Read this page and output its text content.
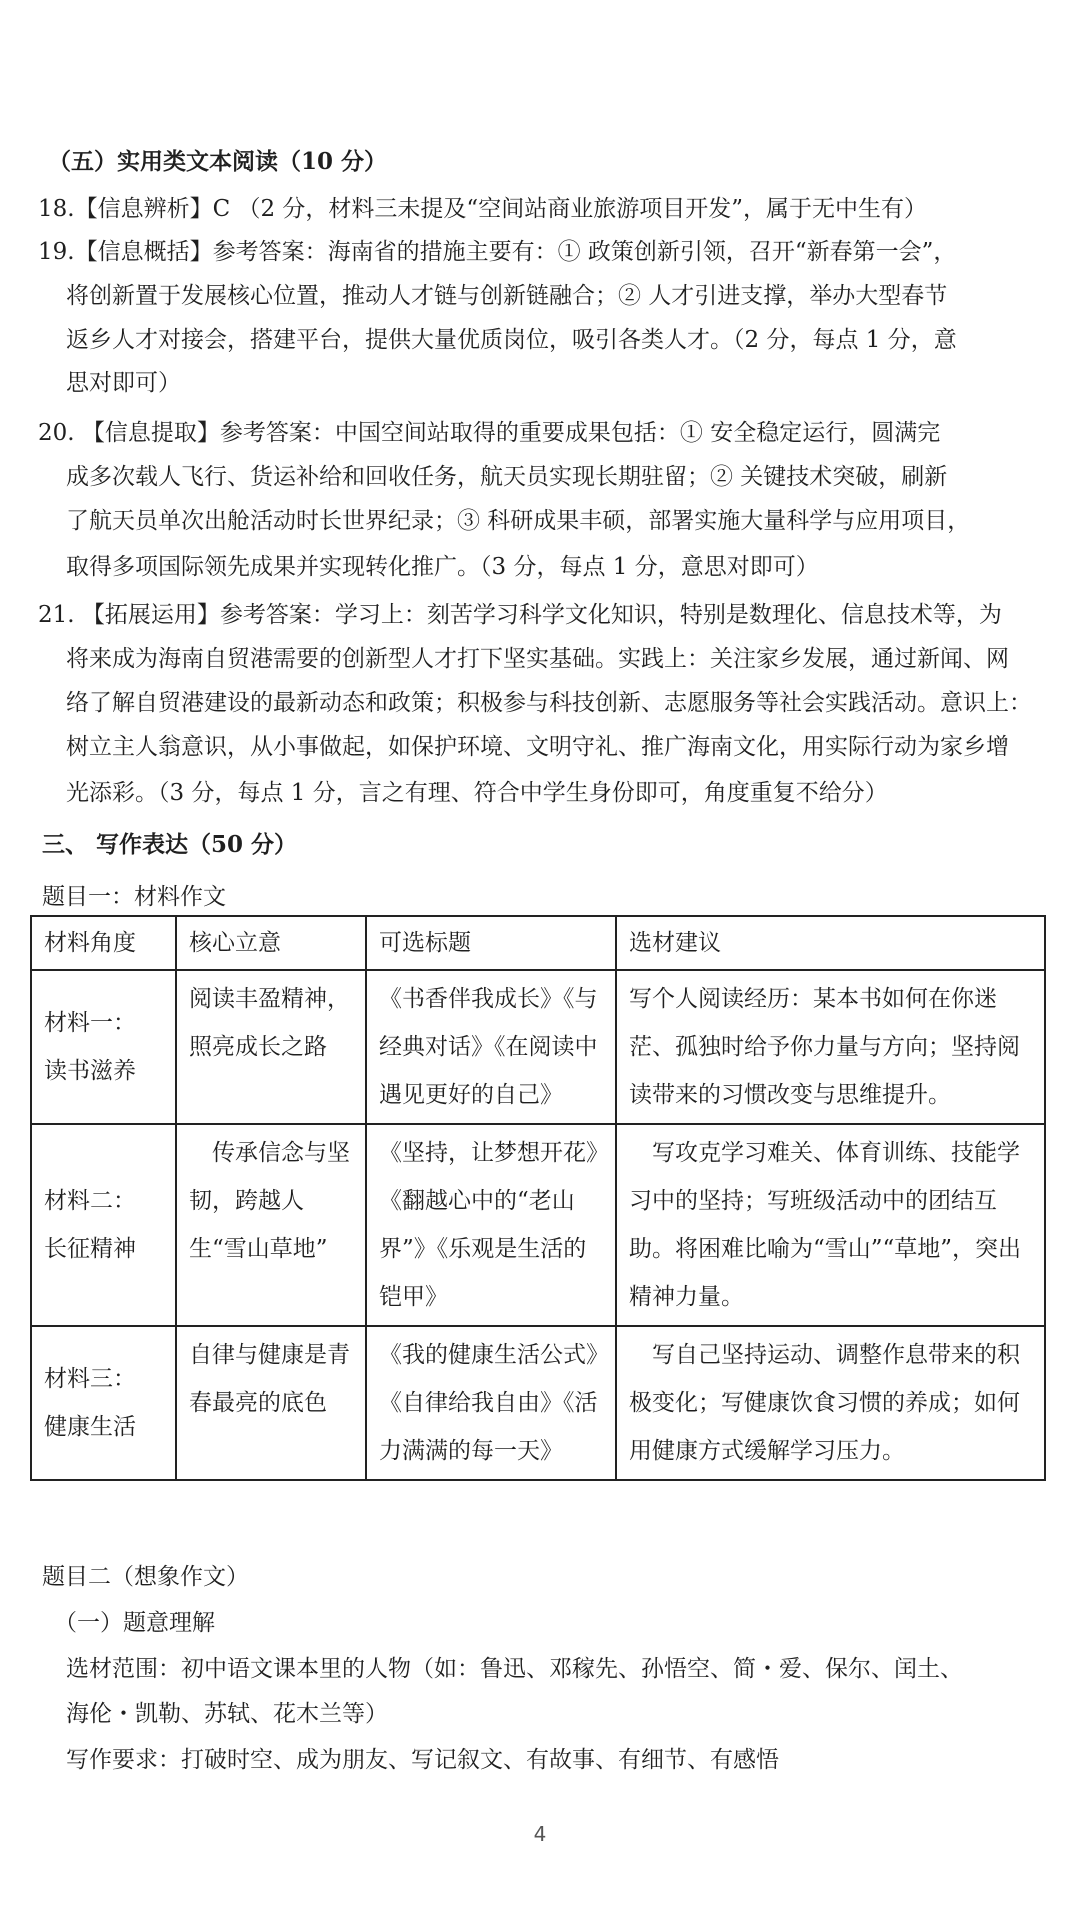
（五）实用类文本阅读（10 分）
18.【信息辨析】C （2 分，材料三未提及“空间站商业旅游项目开发”，属于无中生有）
19.【信息概括】参考答案：海南省的措施主要有：① 政策创新引领，召开“新春第一会”，
将创新置于发展核心位置，推动人才链与创新链融合；② 人才引进支撑，举办大型春节
返乡人才对接会，搭建平台，提供大量优质岗位，吸引各类人才。（2 分，每点 1 分，意
思对即可）
20. 【信息提取】参考答案：中国空间站取得的重要成果包括：① 安全稳定运行，圆满完
成多次载人飞行、货运补给和回收任务，航天员实现长期驻留；② 关键技术突破，刷新
了航天员单次出舱活动时长世界纪录；③ 科研成果丰硕，部署实施大量科学与应用项目，
取得多项国际领先成果并实现转化推广。（3 分，每点 1 分，意思对即可）
21. 【拓展运用】参考答案：学习上：刻苦学习科学文化知识，特别是数理化、信息技术等，为
将来成为海南自贸港需要的创新型人才打下坚实基础。实践上：关注家乡发展，通过新闻、网
络了解自贸港建设的最新动态和政策；积极参与科技创新、志愿服务等社会实践活动。意识上：
树立主人翁意识，从小事做起，如保护环境、文明守礼、推广海南文化，用实际行动为家乡增
光添彩。（3 分，每点 1 分，言之有理、符合中学生身份即可，角度重复不给分）
三、 写作表达（50 分）
题目一：材料作文
材料角度	核心立意	可选标题	选材建议

材料一：
读书滋养	阅读丰盈精神，照亮成长之路	《书香伴我成长》《与经典对话》《在阅读中遇见更好的自己》	写个人阅读经历：某本书如何在你迷茫、孤独时给予你力量与方向；坚持阅读带来的习惯改变与思维提升。

材料二：
长征精神	　传承信念与坚韧，跨越人生“雪山草地”	《坚持，让梦想开花》《翻越心中的“老山界”》《乐观是生活的铠甲》	　写攻克学习难关、体育训练、技能学习中的坚持；写班级活动中的团结互助。将困难比喻为“雪山”“草地”，突出精神力量。

材料三：
健康生活	自律与健康是青春最亮的底色	《我的健康生活公式》《自律给我自由》《活力满满的每一天》	　写自己坚持运动、调整作息带来的积极变化；写健康饮食习惯的养成；如何用健康方式缓解学习压力。
题目二（想象作文）
（一）题意理解
选材范围：初中语文课本里的人物（如：鲁迅、邓稼先、孙悟空、简・爱、保尔、闰土、
海伦・凯勒、苏轼、花木兰等）
写作要求：打破时空、成为朋友、写记叙文、有故事、有细节、有感悟
4
